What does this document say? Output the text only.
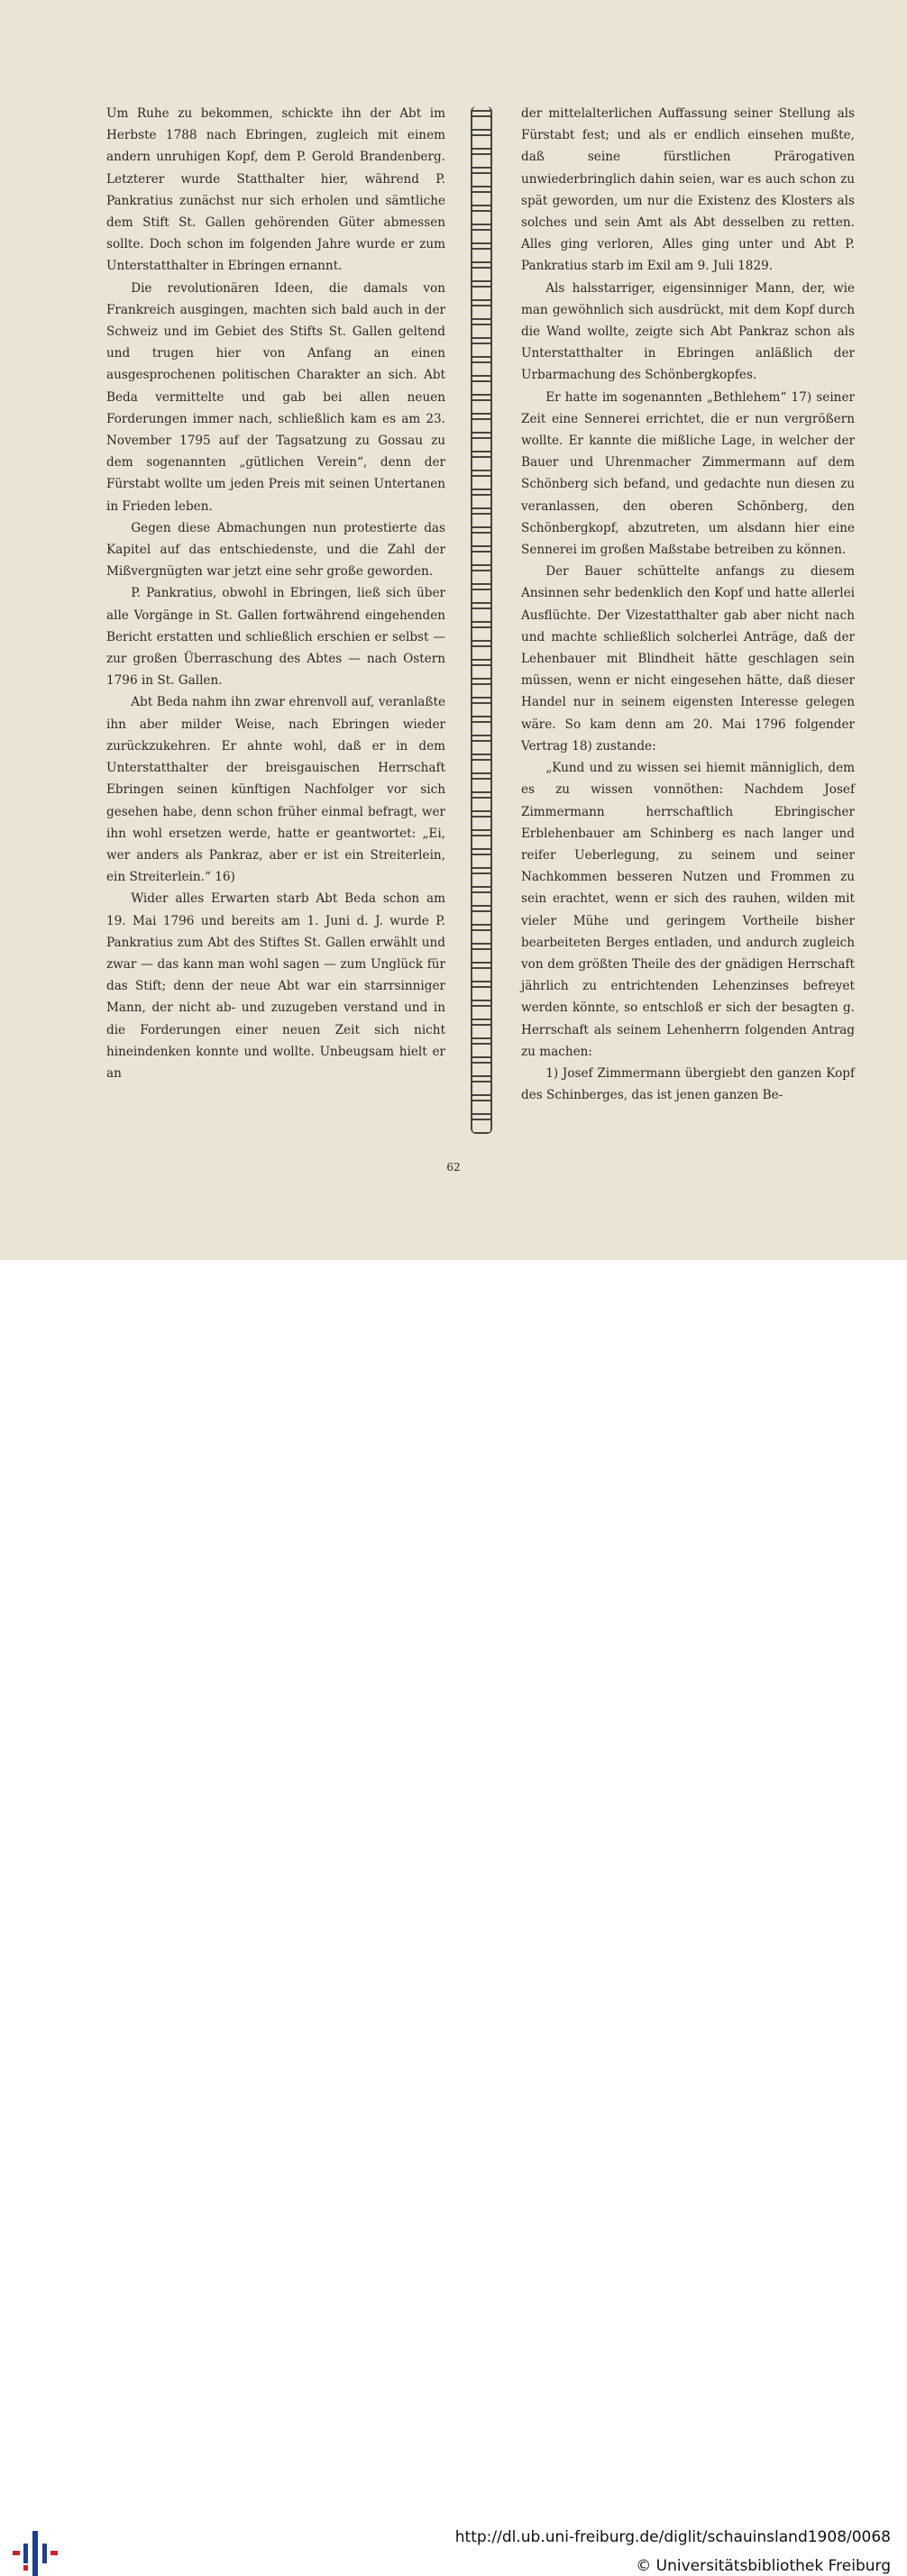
Um Ruhe zu bekommen, schickte ihn der Abt im Herbste 1788 nach Ebringen, zugleich mit einem andern unruhigen Kopf, dem P. Gerold Brandenberg. Letzterer wurde Statthalter hier, während P. Pankratius zunächst nur sich erholen und sämtliche dem Stift St. Gallen gehörenden Güter abmessen sollte. Doch schon im folgenden Jahre wurde er zum Unterstatthalter in Ebringen ernannt.

Die revolutionären Ideen, die damals von Frankreich ausgingen, machten sich bald auch in der Schweiz und im Gebiet des Stifts St. Gallen geltend und trugen hier von Anfang an einen ausgesprochenen politischen Charakter an sich. Abt Beda vermittelte und gab bei allen neuen Forderungen immer nach, schließlich kam es am 23. November 1795 auf der Tagsatzung zu Gossau zu dem sogenannten „gütlichen Verein“, denn der Fürstabt wollte um jeden Preis mit seinen Untertanen in Frieden leben.

Gegen diese Abmachungen nun protestierte das Kapitel auf das entschiedenste, und die Zahl der Mißvergnügten war jetzt eine sehr große geworden.

P. Pankratius, obwohl in Ebringen, ließ sich über alle Vorgänge in St. Gallen fortwährend eingehenden Bericht erstatten und schließlich erschien er selbst — zur großen Überraschung des Abtes — nach Ostern 1796 in St. Gallen.

Abt Beda nahm ihn zwar ehrenvoll auf, veranlaßte ihn aber milder Weise, nach Ebringen wieder zurückzukehren. Er ahnte wohl, daß er in dem Unterstatthalter der breisgauischen Herrschaft Ebringen seinen künftigen Nachfolger vor sich gesehen habe, denn schon früher einmal befragt, wer ihn wohl ersetzen werde, hatte er geantwortet: „Ei, wer anders als Pankraz, aber er ist ein Streiterlein, ein Streiterlein.“ 16)

Wider alles Erwarten starb Abt Beda schon am 19. Mai 1796 und bereits am 1. Juni d. J. wurde P. Pankratius zum Abt des Stiftes St. Gallen erwählt und zwar — das kann man wohl sagen — zum Unglück für das Stift; denn der neue Abt war ein starrsinniger Mann, der nicht ab- und zuzugeben verstand und in die Forderungen einer neuen Zeit sich nicht hineindenken konnte und wollte. Unbeugsam hielt er an

der mittelalterlichen Auffassung seiner Stellung als Fürstabt fest; und als er endlich einsehen mußte, daß seine fürstlichen Prärogativen unwiederbringlich dahin seien, war es auch schon zu spät geworden, um nur die Existenz des Klosters als solches und sein Amt als Abt desselben zu retten. Alles ging verloren, Alles ging unter und Abt P. Pankratius starb im Exil am 9. Juli 1829.

Als halsstarriger, eigensinniger Mann, der, wie man gewöhnlich sich ausdrückt, mit dem Kopf durch die Wand wollte, zeigte sich Abt Pankraz schon als Unterstatthalter in Ebringen anläßlich der Urbarmachung des Schönbergkopfes.

Er hatte im sogenannten „Bethlehem“ 17) seiner Zeit eine Sennerei errichtet, die er nun vergrößern wollte. Er kannte die mißliche Lage, in welcher der Bauer und Uhrenmacher Zimmermann auf dem Schönberg sich befand, und gedachte nun diesen zu veranlassen, den oberen Schönberg, den Schönbergkopf, abzutreten, um alsdann hier eine Sennerei im großen Maßstabe betreiben zu können.

Der Bauer schüttelte anfangs zu diesem Ansinnen sehr bedenklich den Kopf und hatte allerlei Ausflüchte. Der Vizestatthalter gab aber nicht nach und machte schließlich solcherlei Anträge, daß der Lehenbauer mit Blindheit hätte geschlagen sein müssen, wenn er nicht eingesehen hätte, daß dieser Handel nur in seinem eigensten Interesse gelegen wäre. So kam denn am 20. Mai 1796 folgender Vertrag 18) zustande:

„Kund und zu wissen sei hiemit männiglich, dem es zu wissen vonnöthen: Nachdem Josef Zimmermann herrschaftlich Ebringischer Erblehenbauer am Schinberg es nach langer und reifer Ueberlegung, zu seinem und seiner Nachkommen besseren Nutzen und Frommen zu sein erachtet, wenn er sich des rauhen, wilden mit vieler Mühe und geringem Vortheile bisher bearbeiteten Berges entladen, und andurch zugleich von dem größten Theile des der gnädigen Herrschaft jährlich zu entrichtenden Lehenzinses befreyet werden könnte, so entschloß er sich der besagten g. Herrschaft als seinem Lehenherrn folgenden Antrag zu machen:

1) Josef Zimmermann übergiebt den ganzen Kopf des Schinberges, das ist jenen ganzen Be-

62
http://dl.ub.uni-freiburg.de/diglit/schauinsland1908/0068
© Universitätsbibliothek Freiburg
